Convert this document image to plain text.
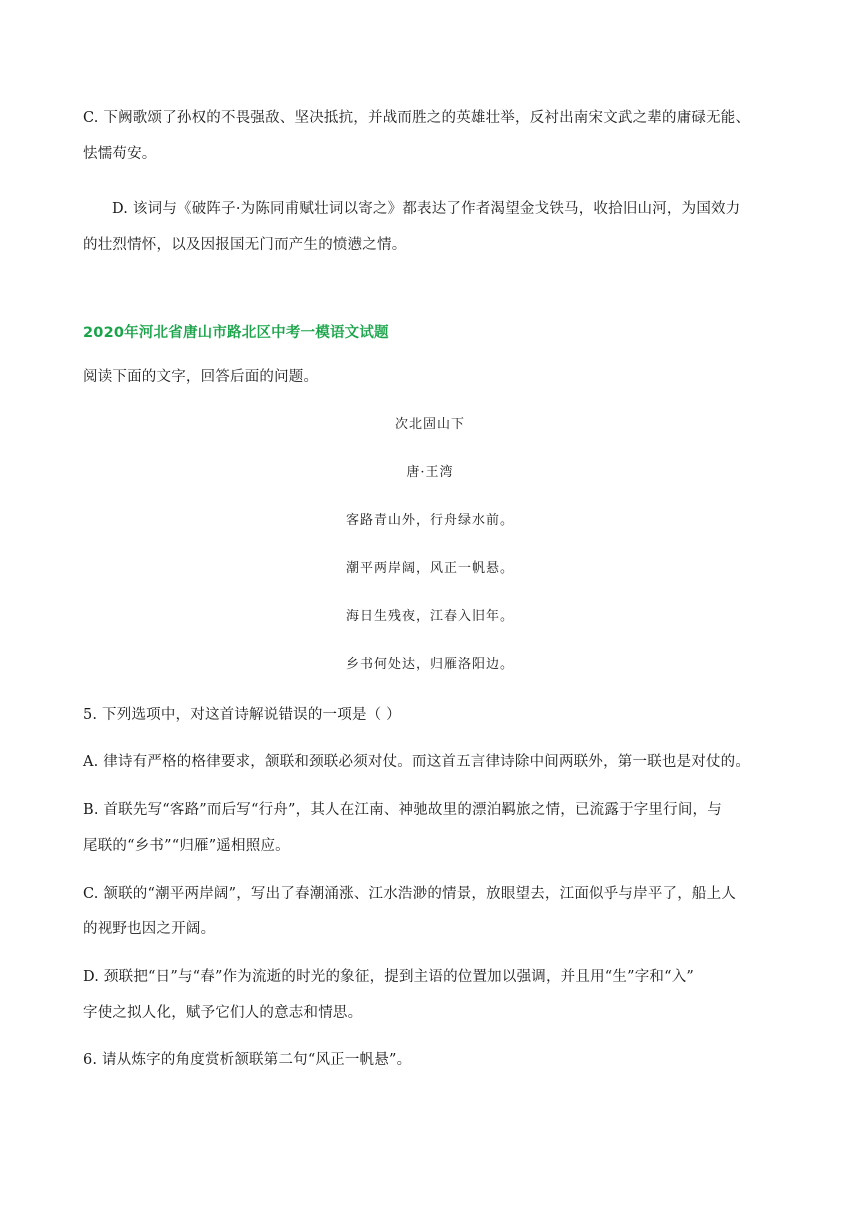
C. 下阙歌颂了孙权的不畏强敌、坚决抵抗，并战而胜之的英雄壮举，反衬出南宋文武之辈的庸碌无能、
怯懦苟安。
D. 该词与《破阵子·为陈同甫赋壮词以寄之》都表达了作者渴望金戈铁马，收拾旧山河，为国效力
的壮烈情怀，以及因报国无门而产生的愤懑之情。
2020年河北省唐山市路北区中考一模语文试题
阅读下面的文字，回答后面的问题。
次北固山下
唐·王湾
客路青山外，行舟绿水前。
潮平两岸阔，风正一帆悬。
海日生残夜，江春入旧年。
乡书何处达，归雁洛阳边。
5. 下列选项中，对这首诗解说错误的一项是（ ）
A. 律诗有严格的格律要求，颔联和颈联必须对仗。而这首五言律诗除中间两联外，第一联也是对仗的。
B. 首联先写“客路”而后写“行舟”，其人在江南、神驰故里的漂泊羁旅之情，已流露于字里行间，与
尾联的“乡书”“归雁”遥相照应。
C. 颔联的“潮平两岸阔”，写出了春潮涌涨、江水浩渺的情景，放眼望去，江面似乎与岸平了，船上人
的视野也因之开阔。
D. 颈联把“日”与“春”作为流逝的时光的象征，提到主语的位置加以强调，并且用“生”字和“入”
字使之拟人化，赋予它们人的意志和情思。
6. 请从炼字的角度赏析颔联第二句“风正一帆悬”。
